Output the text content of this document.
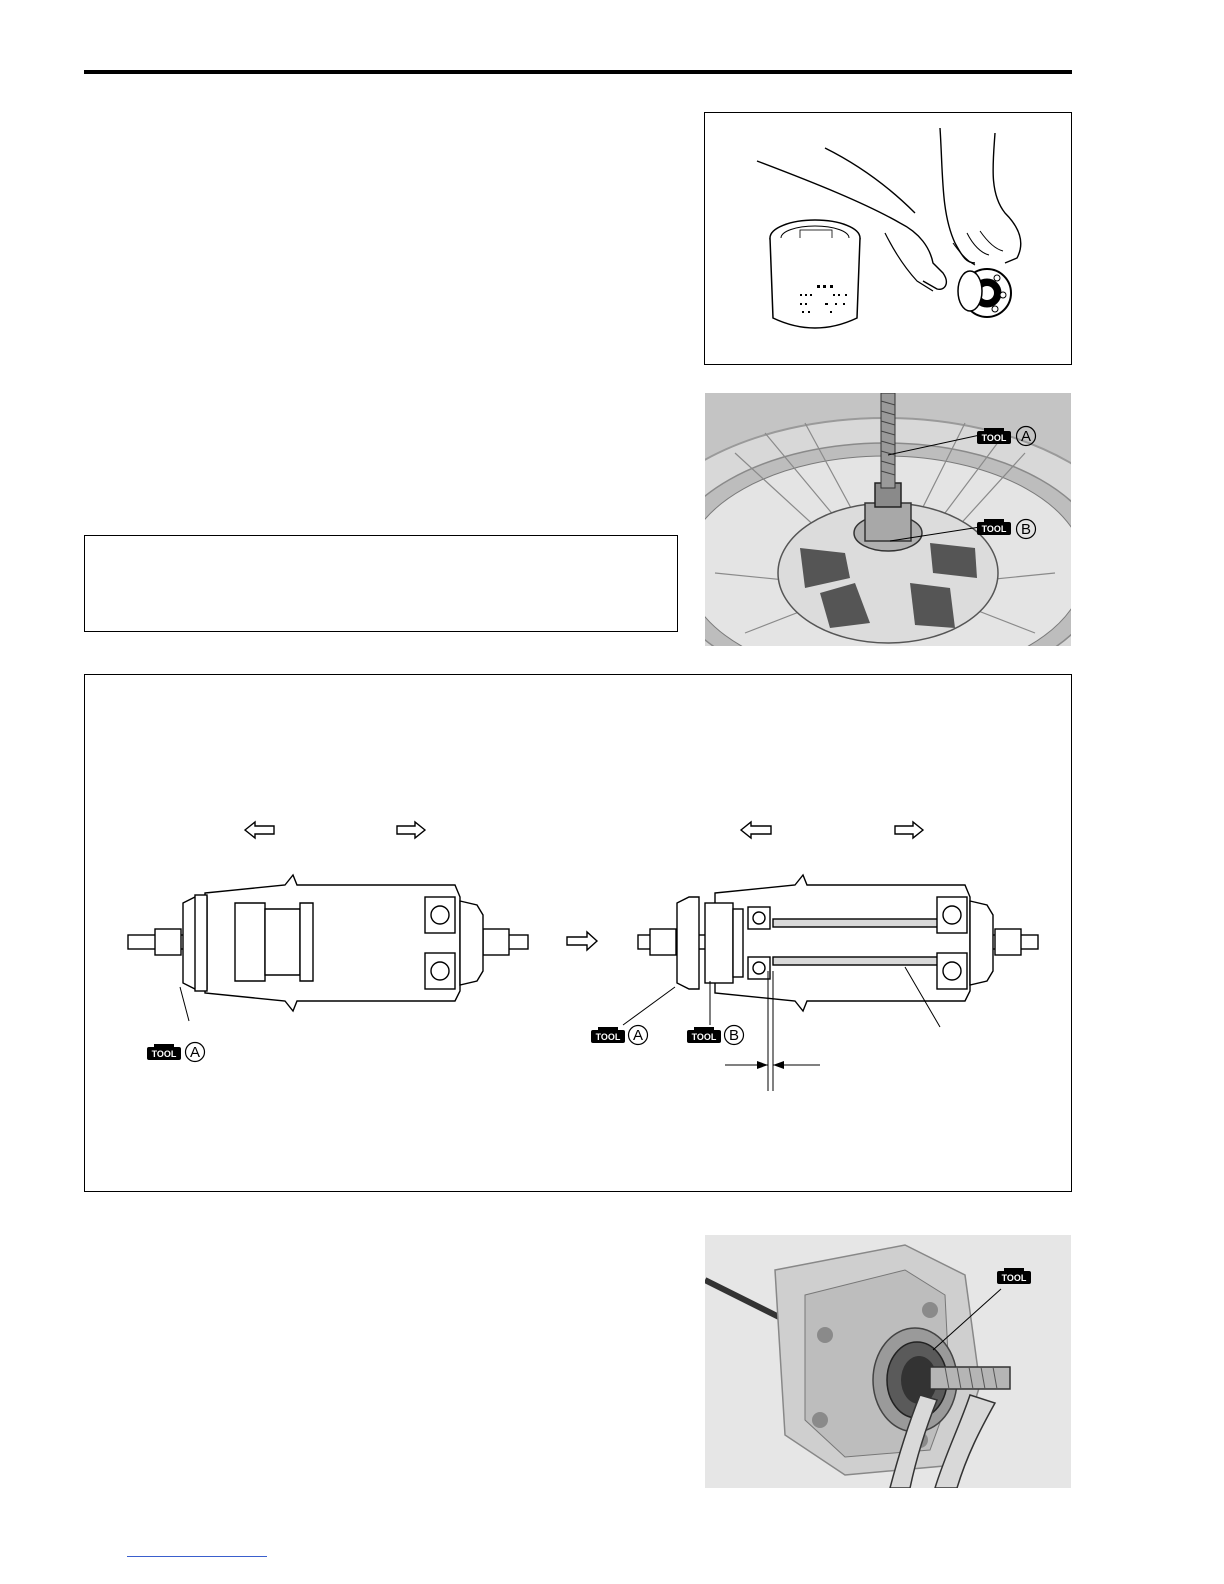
TOOL A
TOOL B
TOOL A
TOOL A	TOOL B
TOOL
